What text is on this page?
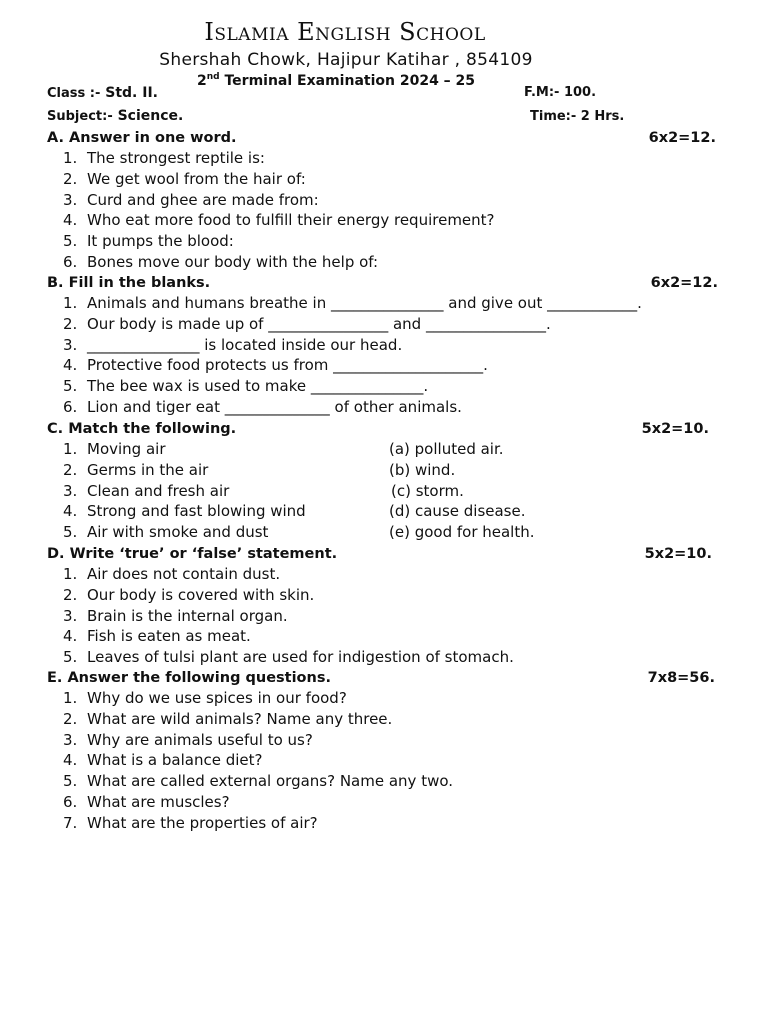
Islamia English School
Shershah Chowk, Hajipur Katihar , 854109
2nd Terminal Examination 2024 – 25
Class :- Std. II.	F.M:- 100.
Subject:- Science.	Time:- 2 Hrs.
A. Answer in one word.	6x2=12.
1. The strongest reptile is:
2. We get wool from the hair of:
3. Curd and ghee are made from:
4. Who eat more food to fulfill their energy requirement?
5. It pumps the blood:
6. Bones move our body with the help of:
B. Fill in the blanks.	6x2=12.
1. Animals and humans breathe in _______________ and give out ____________.
2. Our body is made up of ________________ and ________________.
3. _______________ is located inside our head.
4. Protective food protects us from ____________________.
5. The bee wax is used to make _______________.
6. Lion and tiger eat ______________ of other animals.
C. Match the following.	5x2=10.
1. Moving air	(a) polluted air.
2. Germs in the air	(b) wind.
3. Clean and fresh air	(c) storm.
4. Strong and fast blowing wind	(d) cause disease.
5. Air with smoke and dust	(e) good for health.
D. Write ‘true’ or ‘false’ statement.	5x2=10.
1. Air does not contain dust.
2. Our body is covered with skin.
3. Brain is the internal organ.
4. Fish is eaten as meat.
5. Leaves of tulsi plant are used for indigestion of stomach.
E. Answer the following questions.	7x8=56.
1. Why do we use spices in our food?
2. What are wild animals? Name any three.
3. Why are animals useful to us?
4. What is a balance diet?
5. What are called external organs? Name any two.
6. What are muscles?
7. What are the properties of air?
